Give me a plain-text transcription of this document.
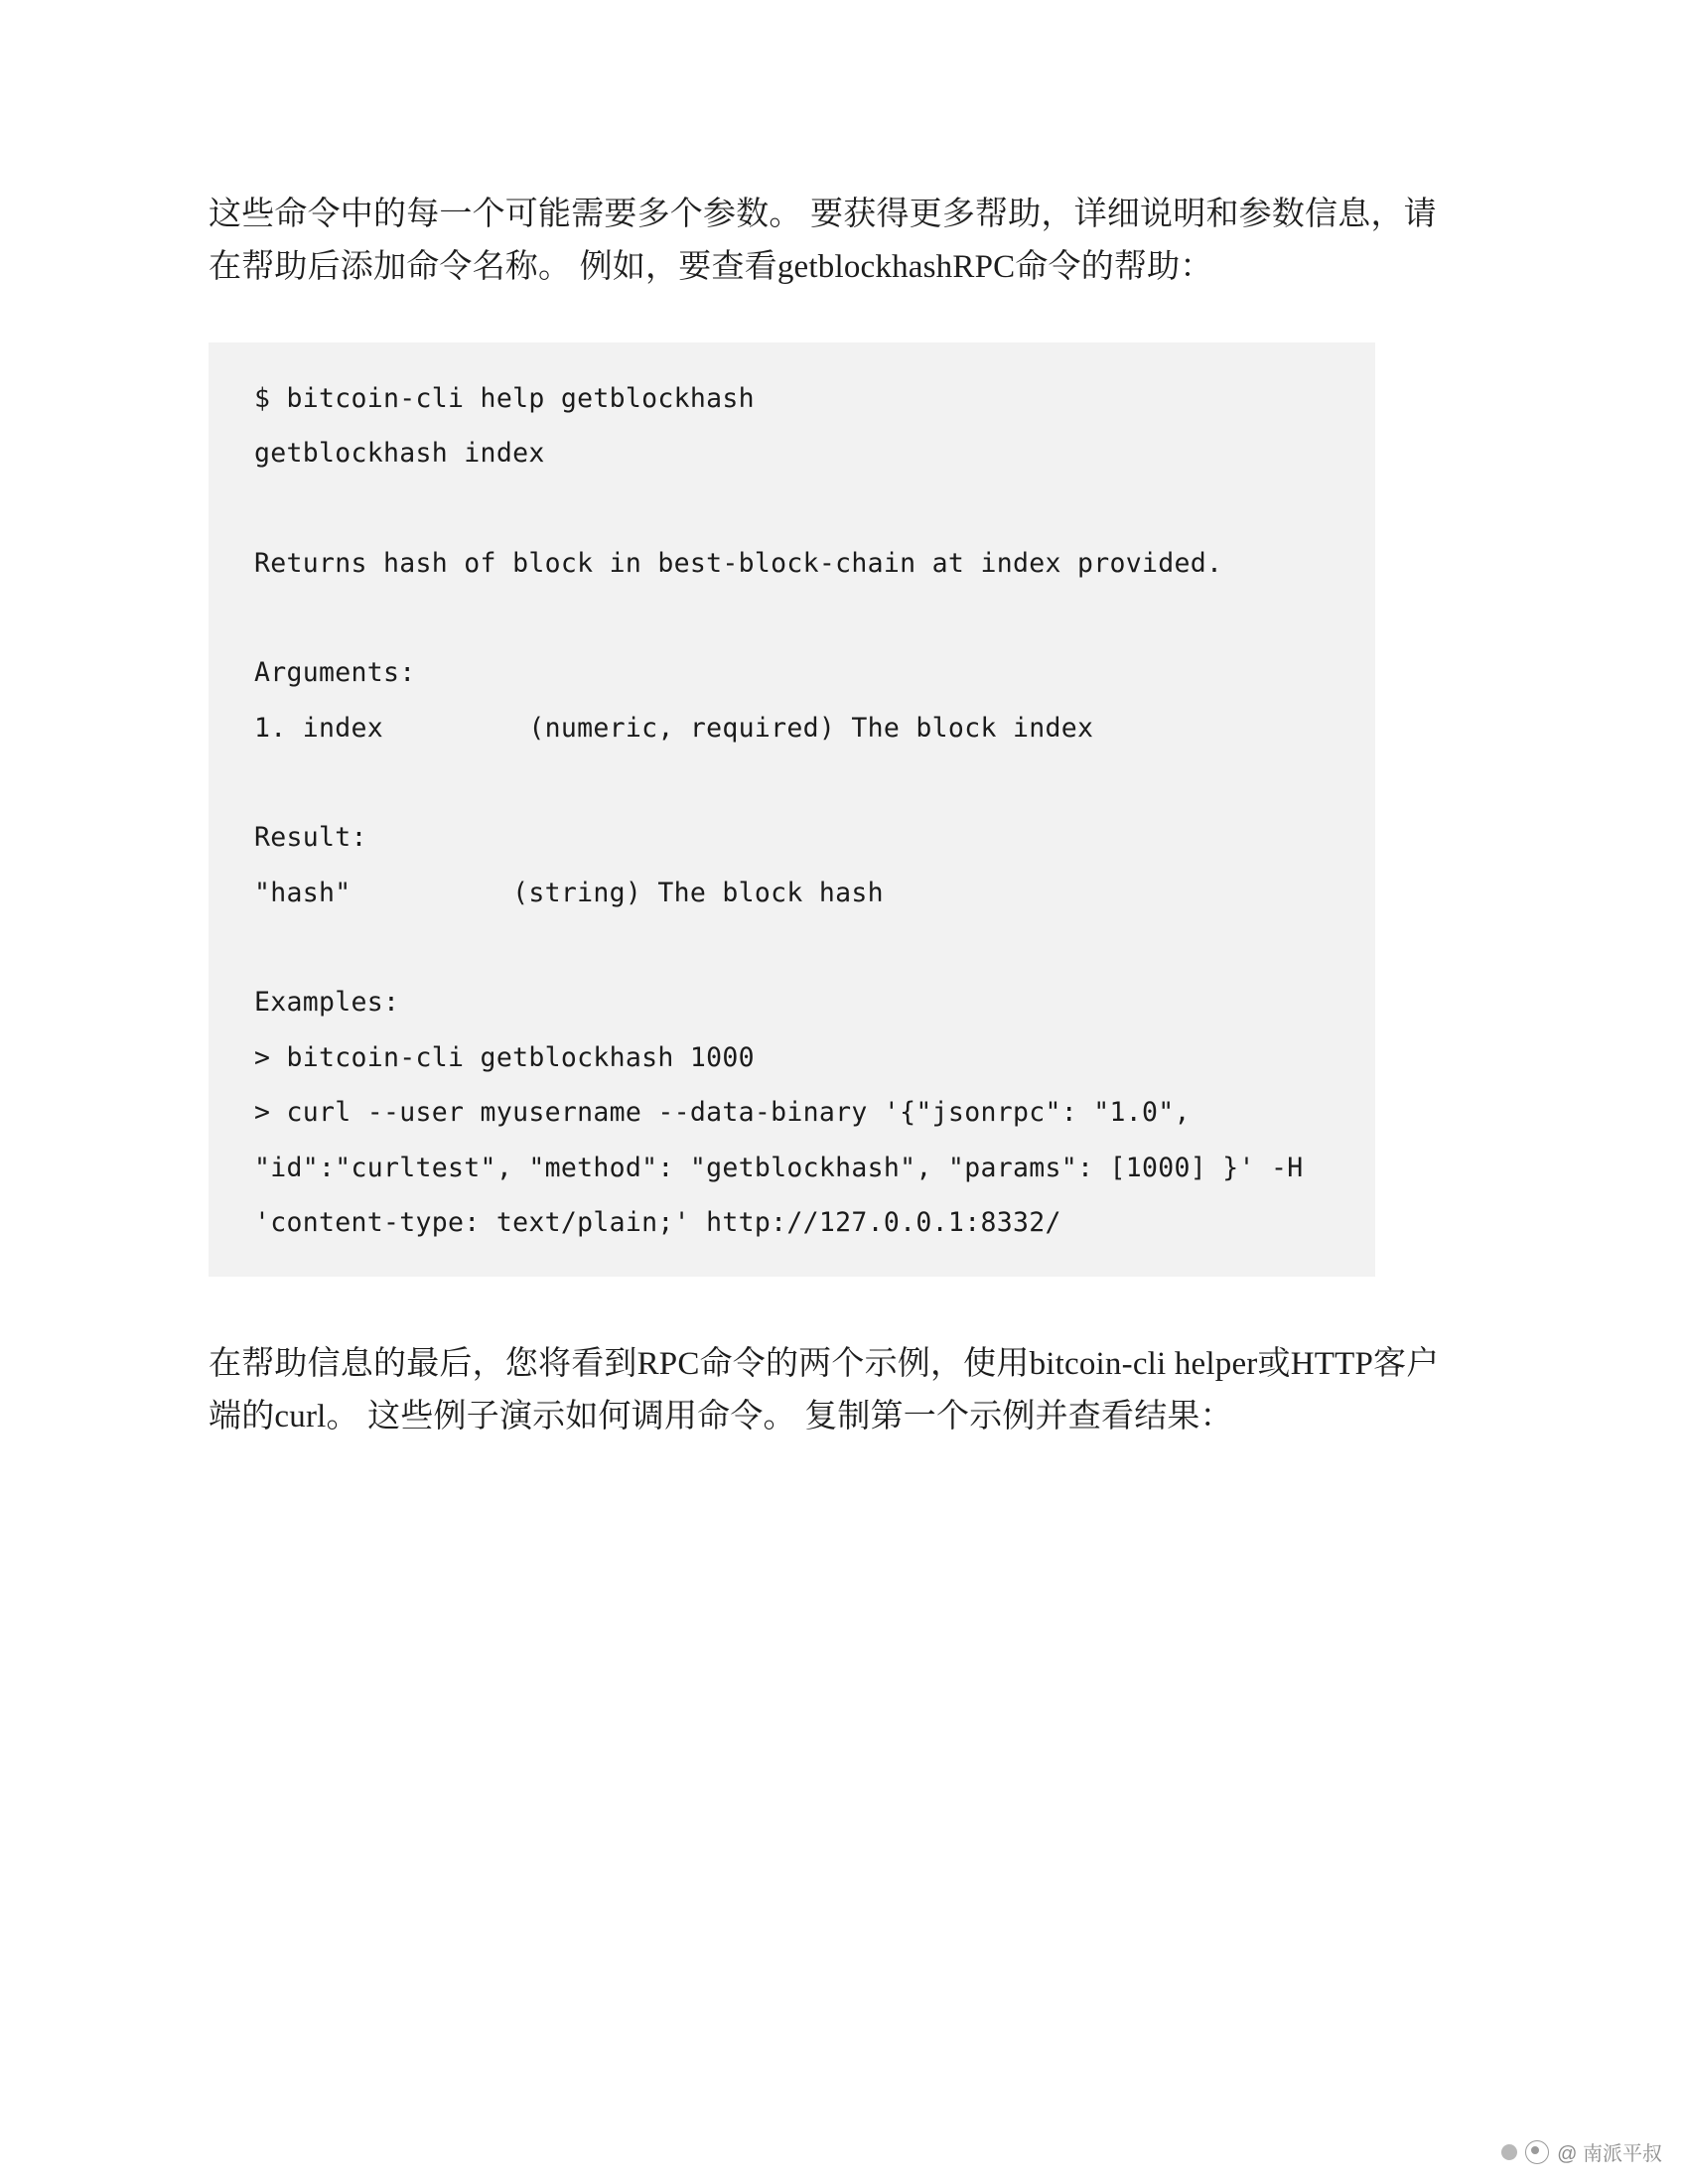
这些命令中的每一个可能需要多个参数。 要获得更多帮助，详细说明和参数信息，请在帮助后添加命令名称。 例如，要查看getblockhashRPC命令的帮助：

$ bitcoin-cli help getblockhash
getblockhash index
Returns hash of block in best-block-chain at index provided.
Arguments:
1. index         (numeric, required) The block index
Result:
"hash"          (string) The block hash
Examples:
> bitcoin-cli getblockhash 1000
> curl --user myusername --data-binary '{"jsonrpc": "1.0",
"id":"curltest", "method": "getblockhash", "params": [1000] }' -H
'content-type: text/plain;' http://127.0.0.1:8332/

在帮助信息的最后，您将看到RPC命令的两个示例，使用bitcoin-cli helper或HTTP客户端的curl。 这些例子演示如何调用命令。 复制第一个示例并查看结果：

@ 南派平叔
